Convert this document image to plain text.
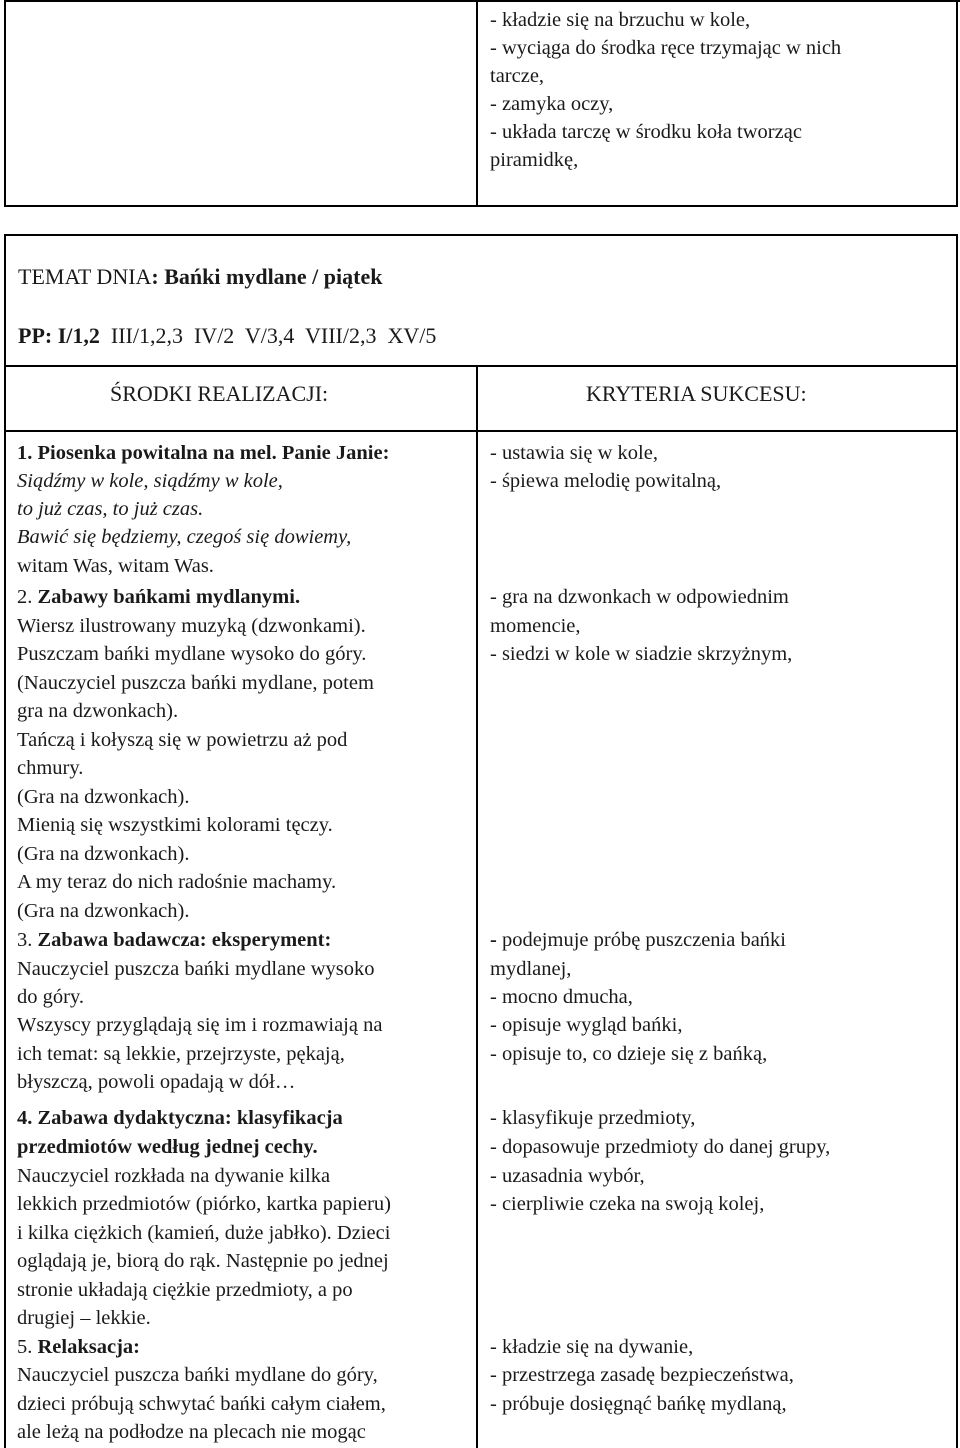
- kładzie się na brzuchu w kole,
- wyciąga do środka ręce trzymając w nich
tarcze,
- zamyka oczy,
- układa tarczę w środku koła tworząc
piramidkę,
TEMAT DNIA: Bańki mydlane / piątek
PP: I/1,2  III/1,2,3  IV/2  V/3,4  VIII/2,3  XV/5
ŚRODKI REALIZACJI:	KRYTERIA SUKCESU:
1. Piosenka powitalna na mel. Panie Janie:
Siądźmy w kole, siądźmy w kole,
to już czas, to już czas.
Bawić się będziemy, czegoś się dowiemy,
witam Was, witam Was.
2. Zabawy bańkami mydlanymi.
Wiersz ilustrowany muzyką (dzwonkami).
Puszczam bańki mydlane wysoko do góry.
(Nauczyciel puszcza bańki mydlane, potem
gra na dzwonkach).
Tańczą i kołyszą się w powietrzu aż pod
chmury.
(Gra na dzwonkach).
Mienią się wszystkimi kolorami tęczy.
(Gra na dzwonkach).
A my teraz do nich radośnie machamy.
(Gra na dzwonkach).
3. Zabawa badawcza: eksperyment:
Nauczyciel puszcza bańki mydlane wysoko
do góry.
Wszyscy przyglądają się im i rozmawiają na
ich temat: są lekkie, przejrzyste, pękają,
błyszczą, powoli opadają w dół…
4. Zabawa dydaktyczna: klasyfikacja
przedmiotów według jednej cechy.
Nauczyciel rozkłada na dywanie kilka
lekkich przedmiotów (piórko, kartka papieru)
i kilka ciężkich (kamień, duże jabłko). Dzieci
oglądają je, biorą do rąk. Następnie po jednej
stronie układają ciężkie przedmioty, a po
drugiej – lekkie.
5. Relaksacja:
Nauczyciel puszcza bańki mydlane do góry,
dzieci próbują schwytać bańki całym ciałem,
ale leżą na podłodze na plecach nie mogąc
- ustawia się w kole,
- śpiewa melodię powitalną,
- gra na dzwonkach w odpowiednim
momencie,
- siedzi w kole w siadzie skrzyżnym,
- podejmuje próbę puszczenia bańki
mydlanej,
- mocno dmucha,
- opisuje wygląd bańki,
- opisuje to, co dzieje się z bańką,
- klasyfikuje przedmioty,
- dopasowuje przedmioty do danej grupy,
- uzasadnia wybór,
- cierpliwie czeka na swoją kolej,
- kładzie się na dywanie,
- przestrzega zasadę bezpieczeństwa,
- próbuje dosięgnąć bańkę mydlaną,
